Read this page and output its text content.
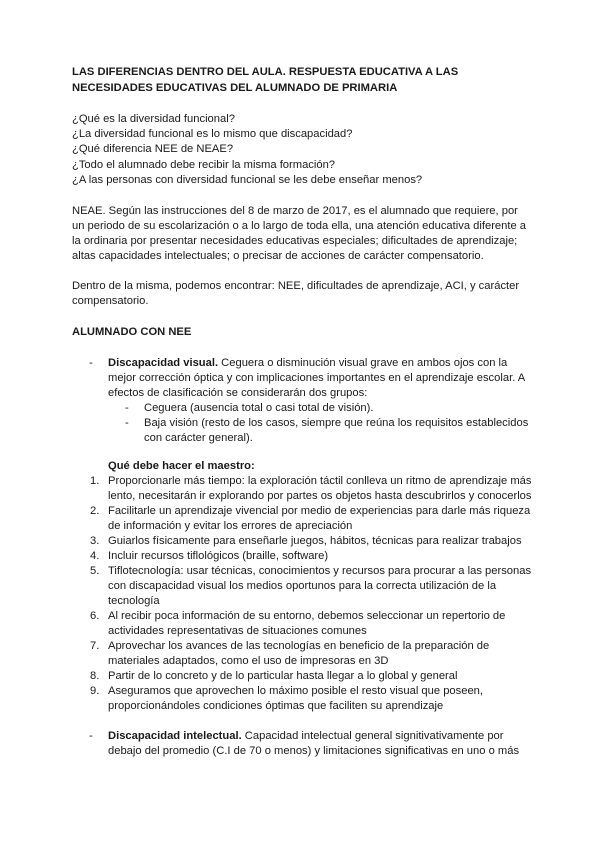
LAS DIFERENCIAS DENTRO DEL AULA. RESPUESTA EDUCATIVA A LAS
NECESIDADES EDUCATIVAS DEL ALUMNADO DE PRIMARIA
¿Qué es la diversidad funcional?
¿La diversidad funcional es lo mismo que discapacidad?
¿Qué diferencia NEE de NEAE?
¿Todo el alumnado debe recibir la misma formación?
¿A las personas con diversidad funcional se les debe enseñar menos?

NEAE. Según las instrucciones del 8 de marzo de 2017, es el alumnado que requiere, por un periodo de su escolarización o a lo largo de toda ella, una atención educativa diferente a la ordinaria por presentar necesidades educativas especiales; dificultades de aprendizaje; altas capacidades intelectuales; o precisar de acciones de carácter compensatorio.

Dentro de la misma, podemos encontrar: NEE, dificultades de aprendizaje, ACI, y carácter compensatorio.

ALUMNADO CON NEE
- Discapacidad visual. Ceguera o disminución visual grave en ambos ojos con la mejor corrección óptica y con implicaciones importantes en el aprendizaje escolar. A efectos de clasificación se considerarán dos grupos:
- Ceguera (ausencia total o casi total de visión).
- Baja visión (resto de los casos, siempre que reúna los requisitos establecidos con carácter general).
Qué debe hacer el maestro:
1. Proporcionarle más tiempo: la exploración táctil conlleva un ritmo de aprendizaje más lento, necesitarán ir explorando por partes os objetos hasta descubrirlos y conocerlos
2. Facilitarle un aprendizaje vivencial por medio de experiencias para darle más riqueza de información y evitar los errores de apreciación
3. Guiarlos físicamente para enseñarle juegos, hábitos, técnicas para realizar trabajos
4. Incluir recursos tiflológicos (braille, software)
5. Tiflotecnología: usar técnicas, conocimientos y recursos para procurar a las personas con discapacidad visual los medios oportunos para la correcta utilización de la tecnología
6. Al recibir poca información de su entorno, debemos seleccionar un repertorio de actividades representativas de situaciones comunes
7. Aprovechar los avances de las tecnologías en beneficio de la preparación de materiales adaptados, como el uso de impresoras en 3D
8. Partir de lo concreto y de lo particular hasta llegar a lo global y general
9. Aseguramos que aprovechen lo máximo posible el resto visual que poseen, proporcionándoles condiciones óptimas que faciliten su aprendizaje
- Discapacidad intelectual. Capacidad intelectual general signitivativamente por debajo del promedio (C.I de 70 o menos) y limitaciones significativas en uno o más
